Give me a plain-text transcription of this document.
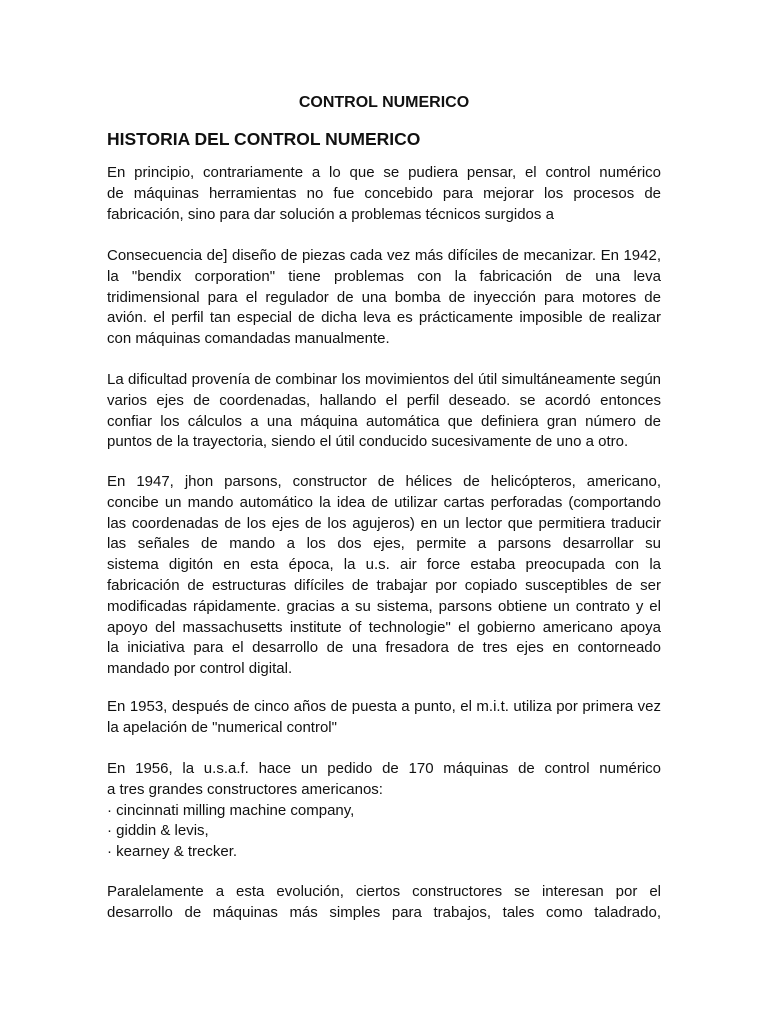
CONTROL NUMERICO
HISTORIA DEL CONTROL NUMERICO

En principio, contrariamente a lo que se pudiera pensar, el control numérico
de máquinas herramientas no fue concebido para mejorar los procesos de
fabricación, sino para dar solución a problemas técnicos surgidos a

Consecuencia de] diseño de piezas cada vez más difíciles de mecanizar. En 1942,
la "bendix corporation" tiene problemas con la fabricación de una leva
tridimensional para el regulador de una bomba de inyección para motores de
avión. el perfil tan especial de dicha leva es prácticamente imposible de realizar
con máquinas comandadas manualmente.

La dificultad provenía de combinar los movimientos del útil simultáneamente según
varios ejes de coordenadas, hallando el perfil deseado. se acordó entonces
confiar los cálculos a una máquina automática que definiera gran número de
puntos de la trayectoria, siendo el útil conducido sucesivamente de uno a otro.

En 1947, jhon parsons, constructor de hélices de helicópteros, americano,
concibe un mando automático la idea de utilizar cartas perforadas (comportando
las coordenadas de los ejes de los agujeros) en un lector que permitiera traducir
las señales de mando a los dos ejes, permite a parsons desarrollar su
sistema digitón en esta época, la u.s. air force estaba preocupada con la
fabricación de estructuras difíciles de trabajar por copiado susceptibles de ser
modificadas rápidamente. gracias a su sistema, parsons obtiene un contrato y el
apoyo del massachusetts institute of technologie" el gobierno americano apoya
la iniciativa para el desarrollo de una fresadora de tres ejes en contorneado
mandado por control digital.

En 1953, después de cinco años de puesta a punto, el m.i.t. utiliza por primera vez
la apelación de "numerical control"

En 1956, la u.s.a.f. hace un pedido de 170 máquinas de control numérico
a tres grandes constructores americanos:
· cincinnati milling machine company,
· giddin & levis,
· kearney & trecker.

Paralelamente a esta evolución, ciertos constructores se interesan por el
desarrollo de máquinas más simples para trabajos, tales como taladrado,
